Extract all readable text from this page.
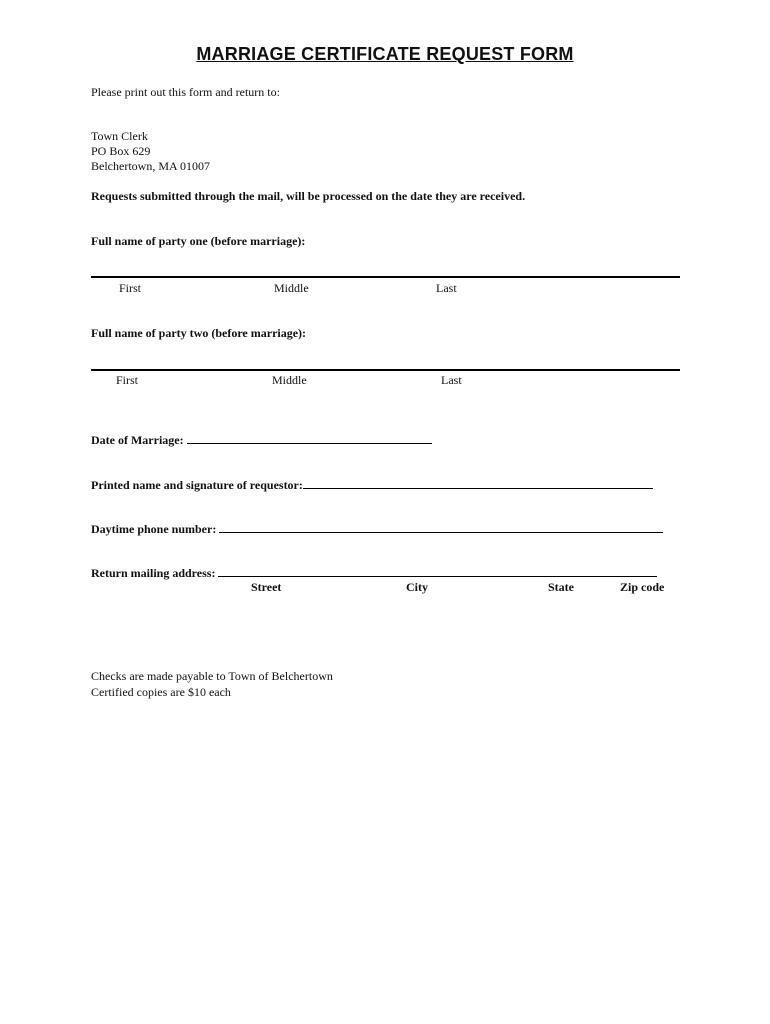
MARRIAGE CERTIFICATE REQUEST FORM
Please print out this form and return to:
Town Clerk
PO Box 629
Belchertown, MA 01007
Requests submitted through the mail, will be processed on the date they are received.
Full name of party one (before marriage):
First	Middle	Last
Full name of party two (before marriage):
First	Middle	Last
Date of Marriage:
Printed name and signature of requestor:
Daytime phone number:
Return mailing address:
Street	City	State	Zip code
Checks are made payable to Town of Belchertown
Certified copies are $10 each
